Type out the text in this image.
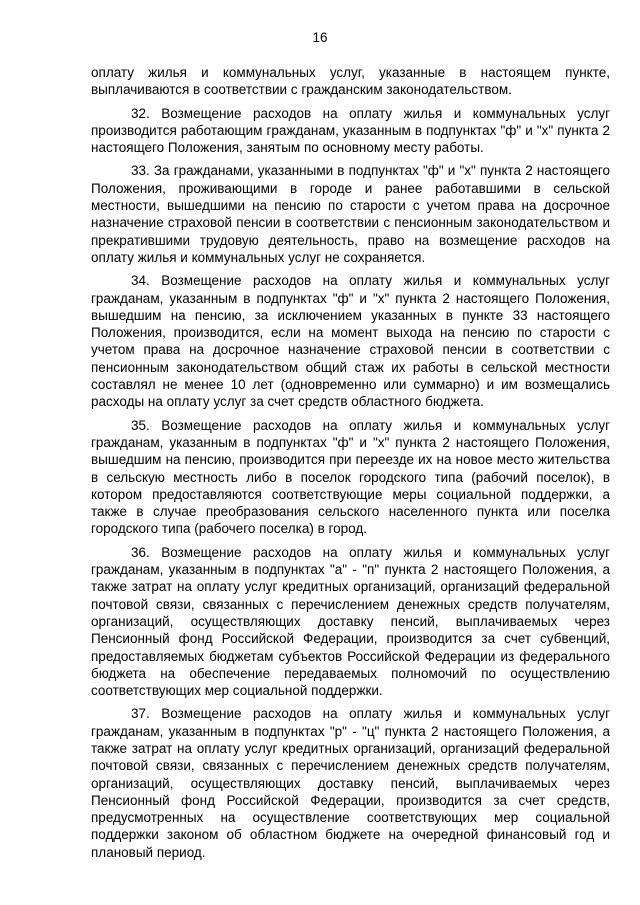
16

оплату жилья и коммунальных услуг, указанные в настоящем пункте, выплачиваются в соответствии с гражданским законодательством.

32. Возмещение расходов на оплату жилья и коммунальных услуг производится работающим гражданам, указанным в подпунктах "ф" и "х" пункта 2 настоящего Положения, занятым по основному месту работы.

33. За гражданами, указанными в подпунктах "ф" и "х" пункта 2 настоящего Положения, проживающими в городе и ранее работавшими в сельской местности, вышедшими на пенсию по старости с учетом права на досрочное назначение страховой пенсии в соответствии с пенсионным законодательством и прекратившими трудовую деятельность, право на возмещение расходов на оплату жилья и коммунальных услуг не сохраняется.

34. Возмещение расходов на оплату жилья и коммунальных услуг гражданам, указанным в подпунктах "ф" и "х" пункта 2 настоящего Положения, вышедшим на пенсию, за исключением указанных в пункте 33 настоящего Положения, производится, если на момент выхода на пенсию по старости с учетом права на досрочное назначение страховой пенсии в соответствии с пенсионным законодательством общий стаж их работы в сельской местности составлял не менее 10 лет (одновременно или суммарно) и им возмещались расходы на оплату услуг за счет средств областного бюджета.

35. Возмещение расходов на оплату жилья и коммунальных услуг гражданам, указанным в подпунктах "ф" и "х" пункта 2 настоящего Положения, вышедшим на пенсию, производится при переезде их на новое место жительства в сельскую местность либо в поселок городского типа (рабочий поселок), в котором предоставляются соответствующие меры социальной поддержки, а также в случае преобразования сельского населенного пункта или поселка городского типа (рабочего поселка) в город.

36. Возмещение расходов на оплату жилья и коммунальных услуг гражданам, указанным в подпунктах "а" - "п" пункта 2 настоящего Положения, а также затрат на оплату услуг кредитных организаций, организаций федеральной почтовой связи, связанных с перечислением денежных средств получателям, организаций, осуществляющих доставку пенсий, выплачиваемых через Пенсионный фонд Российской Федерации, производится за счет субвенций, предоставляемых бюджетам субъектов Российской Федерации из федерального бюджета на обеспечение передаваемых полномочий по осуществлению соответствующих мер социальной поддержки.

37. Возмещение расходов на оплату жилья и коммунальных услуг гражданам, указанным в подпунктах "р" - "ц" пункта 2 настоящего Положения, а также затрат на оплату услуг кредитных организаций, организаций федеральной почтовой связи, связанных с перечислением денежных средств получателям, организаций, осуществляющих доставку пенсий, выплачиваемых через Пенсионный фонд Российской Федерации, производится за счет средств, предусмотренных на осуществление соответствующих мер социальной поддержки законом об областном бюджете на очередной финансовый год и плановый период.
